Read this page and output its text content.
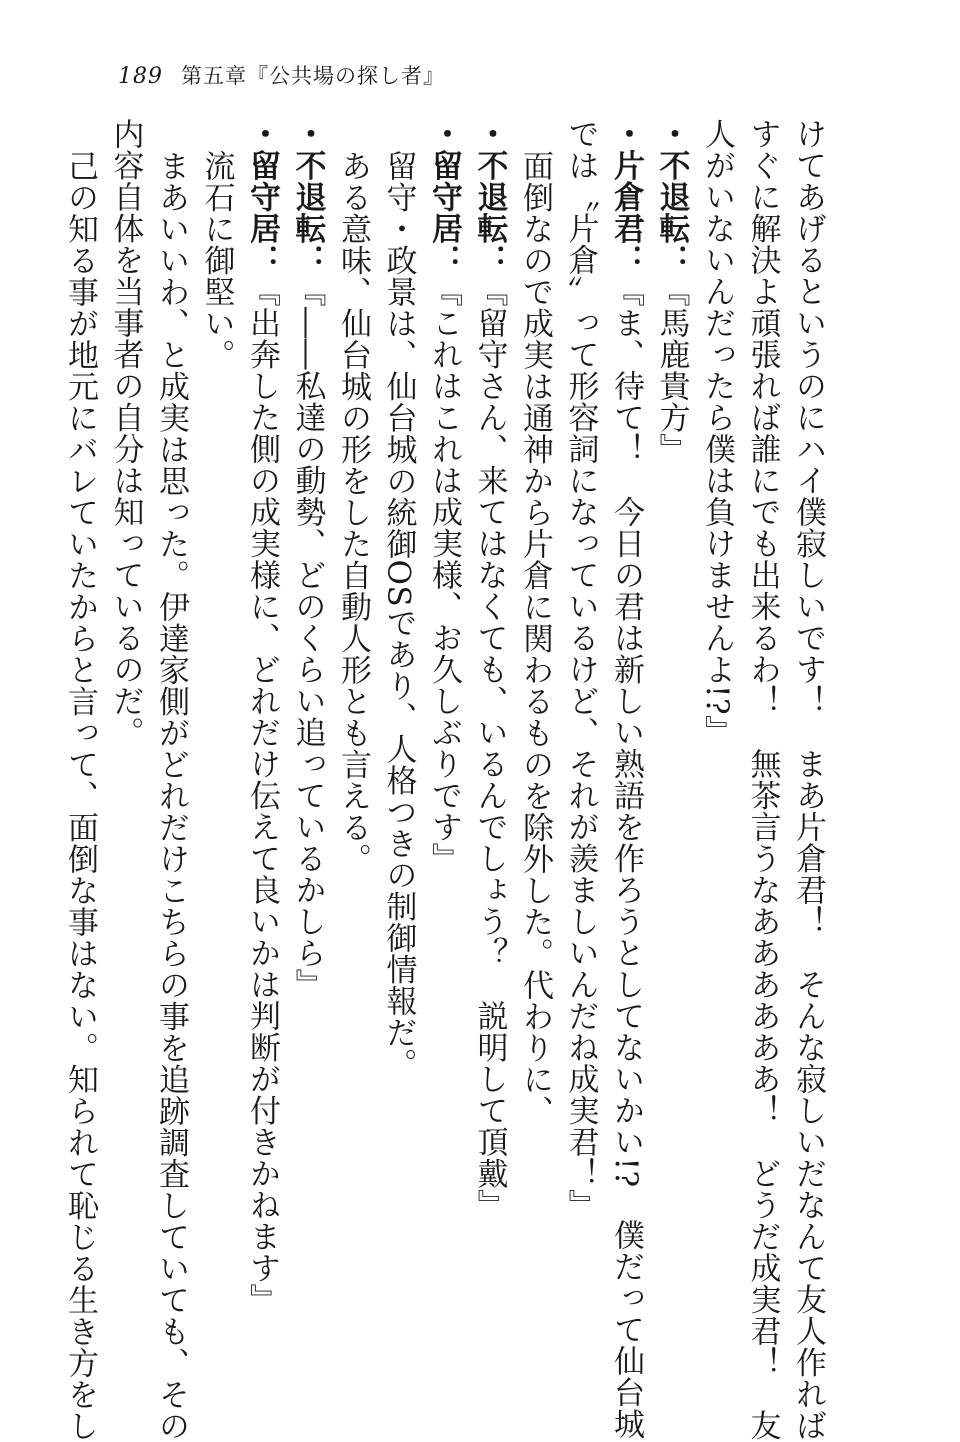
189 第五章『公共場の探し者』
けてあげるというのにハイ僕寂しいです！　まあ片倉君！　そんな寂しいだなんて友人作れば
すぐに解決よ頑張れば誰にでも出来るわ！　無茶言うなああああああ！　どうだ成実君！　友
人がいないんだったら僕は負けませんよ!?』
・不退転：『馬鹿貴方』
・片倉君：『ま、待て！　今日の君は新しい熟語を作ろうとしてないかい!?　僕だって仙台城
では〝片倉〟って形容詞になっているけど、それが羨ましいんだね成実君！』
面倒なので成実は通神から片倉に関わるものを除外した。代わりに、
・不退転：『留守さん、来てはなくても、いるんでしょう？　説明して頂戴』
・留守居：『これはこれは成実様、お久しぶりです』
留守・政景は、仙台城の統御OSであり、人格つきの制御情報だ。
ある意味、仙台城の形をした自動人形とも言える。
・不退転：『――私達の動勢、どのくらい追っているかしら』
・留守居：『出奔した側の成実様に、どれだけ伝えて良いかは判断が付きかねます』
流石に御堅い。
まあいいわ、と成実は思った。伊達家側がどれだけこちらの事を追跡調査していても、その
内容自体を当事者の自分は知っているのだ。
己の知る事が地元にバレていたからと言って、面倒な事はない。知られて恥じる生き方をし
